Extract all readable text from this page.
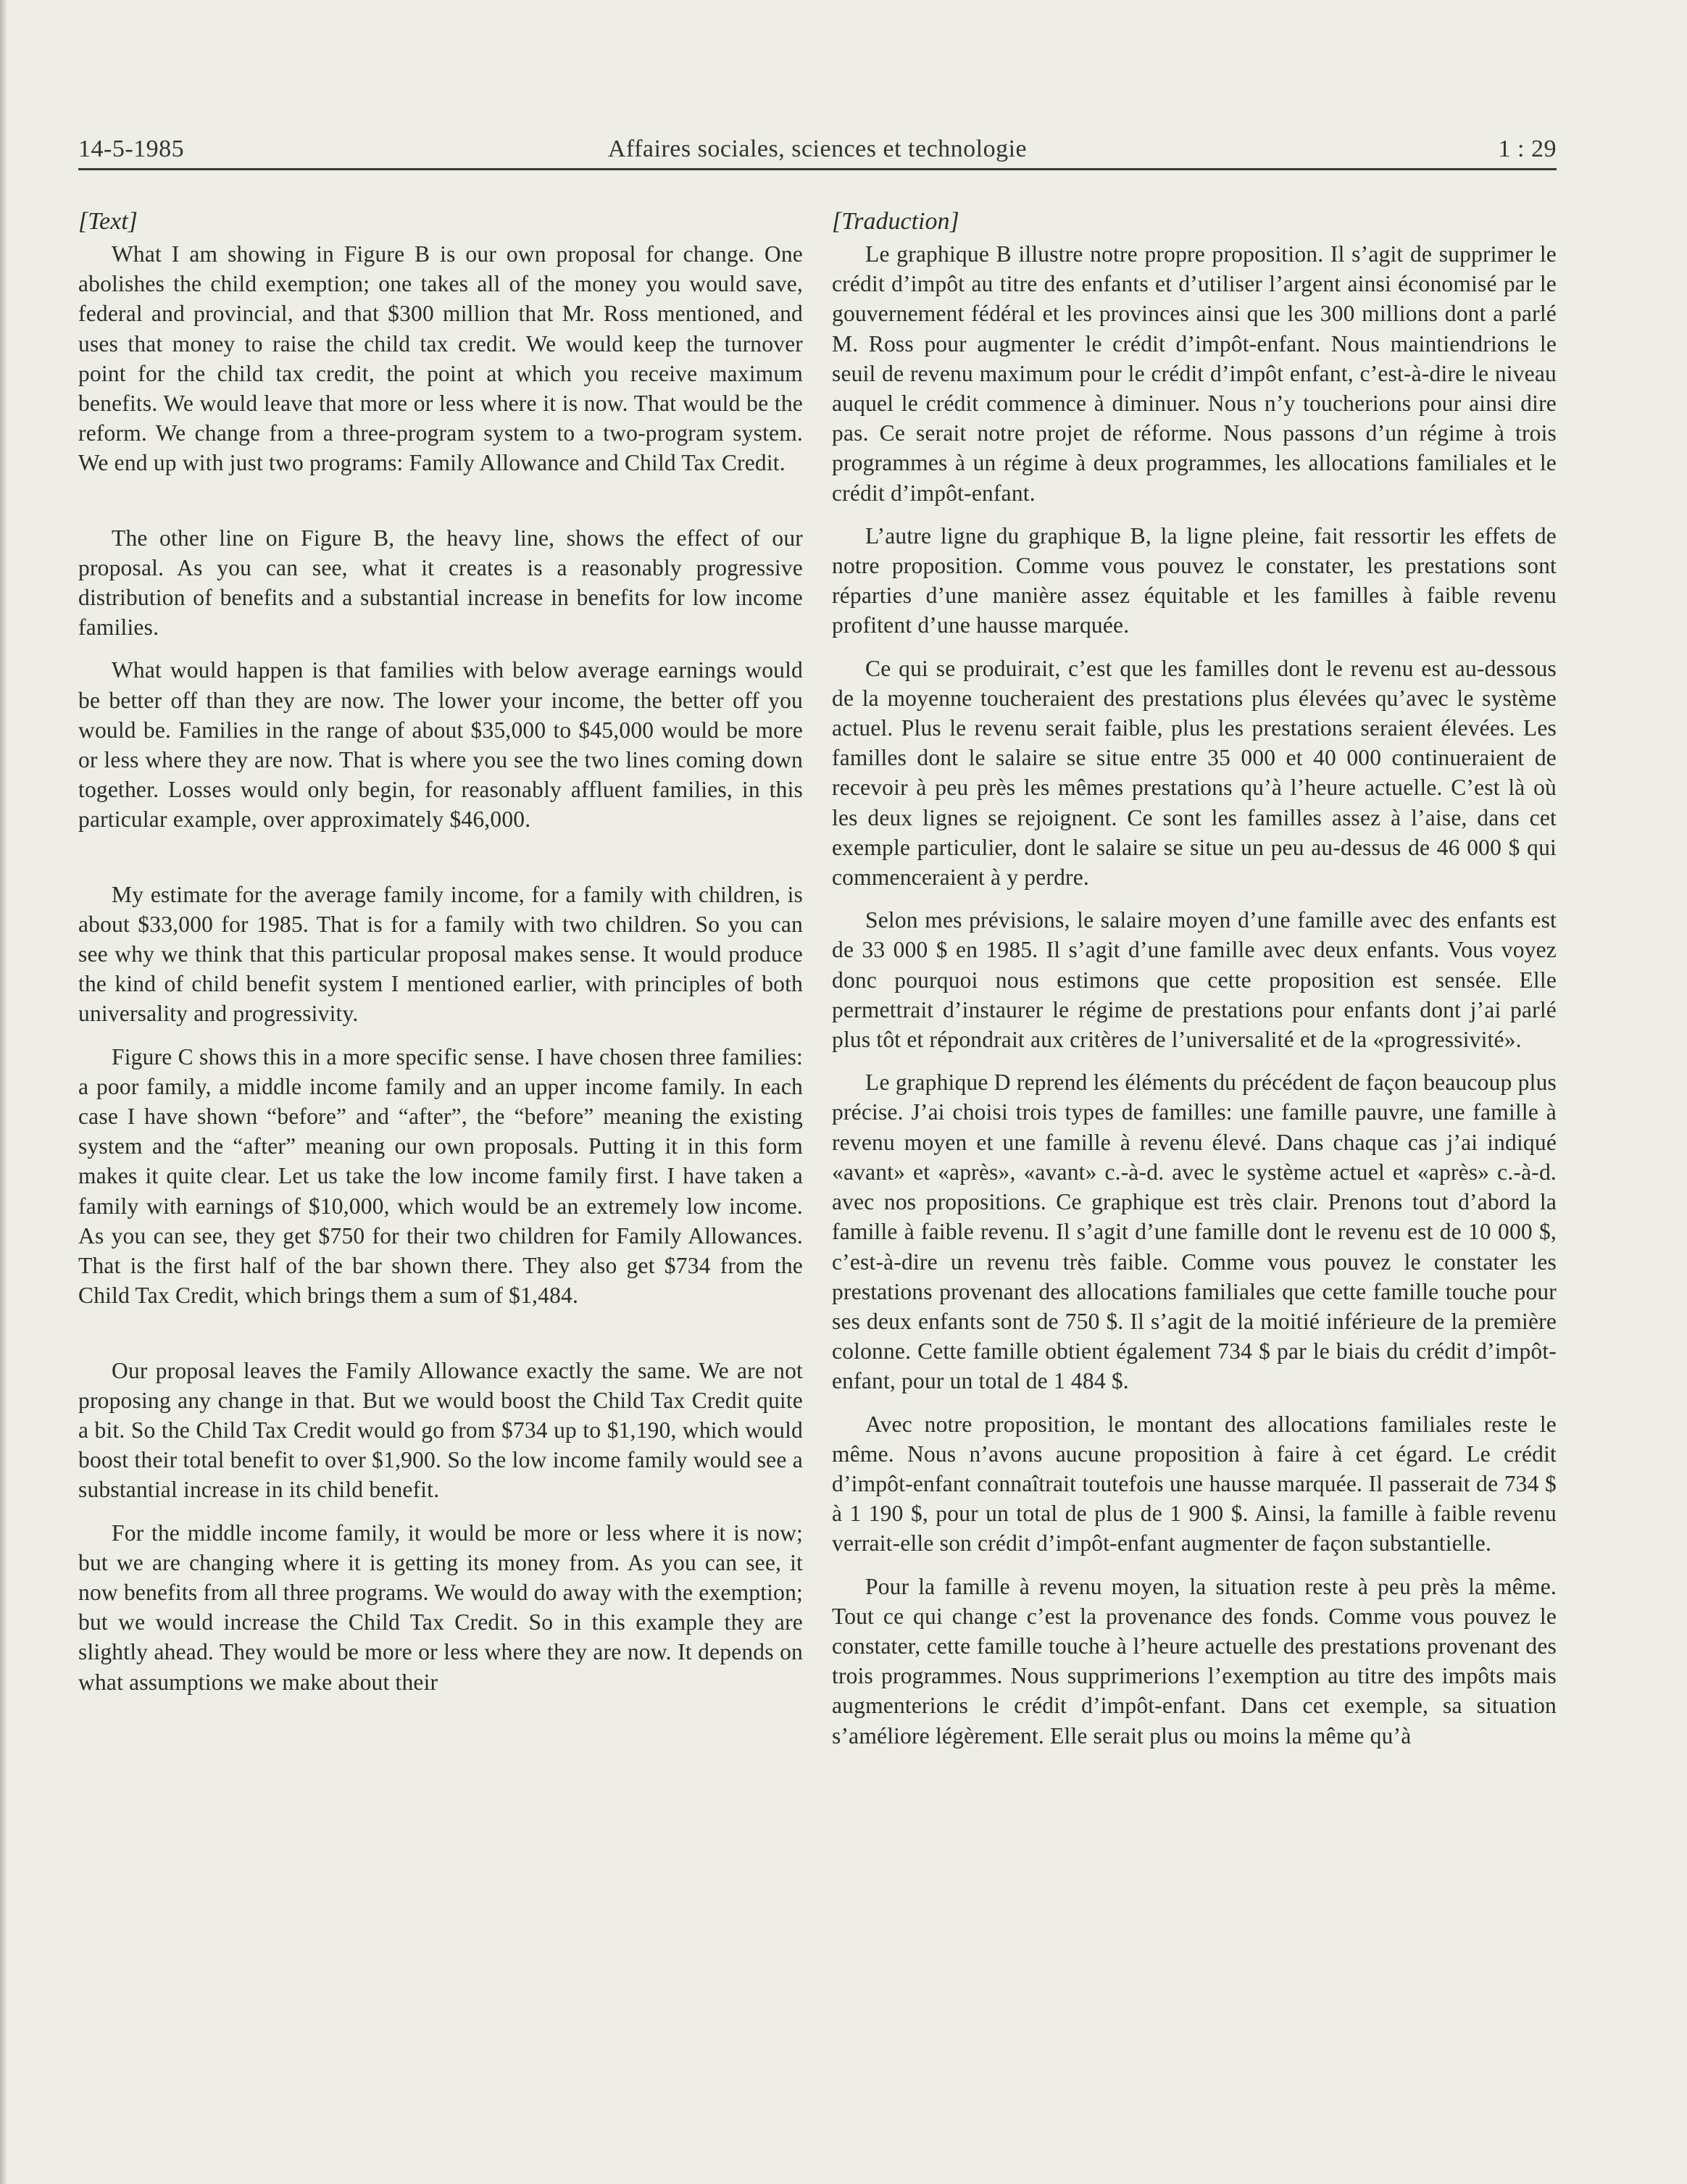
14-5-1985	Affaires sociales, sciences et technologie	1 : 29
[Text]

What I am showing in Figure B is our own proposal for change. One abolishes the child exemption; one takes all of the money you would save, federal and provincial, and that $300 million that Mr. Ross mentioned, and uses that money to raise the child tax credit. We would keep the turnover point for the child tax credit, the point at which you receive maximum benefits. We would leave that more or less where it is now. That would be the reform. We change from a three-program system to a two-program system. We end up with just two programs: Family Allowance and Child Tax Credit.

The other line on Figure B, the heavy line, shows the effect of our proposal. As you can see, what it creates is a reasonably progressive distribution of benefits and a substantial increase in benefits for low income families.

What would happen is that families with below average earnings would be better off than they are now. The lower your income, the better off you would be. Families in the range of about $35,000 to $45,000 would be more or less where they are now. That is where you see the two lines coming down together. Losses would only begin, for reasonably affluent families, in this particular example, over approximately $46,000.

My estimate for the average family income, for a family with children, is about $33,000 for 1985. That is for a family with two children. So you can see why we think that this particular proposal makes sense. It would produce the kind of child benefit system I mentioned earlier, with principles of both universality and progressivity.

Figure C shows this in a more specific sense. I have chosen three families: a poor family, a middle income family and an upper income family. In each case I have shown “before” and “after”, the “before” meaning the existing system and the “after” meaning our own proposals. Putting it in this form makes it quite clear. Let us take the low income family first. I have taken a family with earnings of $10,000, which would be an extremely low income. As you can see, they get $750 for their two children for Family Allowances. That is the first half of the bar shown there. They also get $734 from the Child Tax Credit, which brings them a sum of $1,484.

Our proposal leaves the Family Allowance exactly the same. We are not proposing any change in that. But we would boost the Child Tax Credit quite a bit. So the Child Tax Credit would go from $734 up to $1,190, which would boost their total benefit to over $1,900. So the low income family would see a substantial increase in its child benefit.

For the middle income family, it would be more or less where it is now; but we are changing where it is getting its money from. As you can see, it now benefits from all three programs. We would do away with the exemption; but we would increase the Child Tax Credit. So in this example they are slightly ahead. They would be more or less where they are now. It depends on what assumptions we make about their

[Traduction]

Le graphique B illustre notre propre proposition. Il s’agit de supprimer le crédit d’impôt au titre des enfants et d’utiliser l’argent ainsi économisé par le gouvernement fédéral et les provinces ainsi que les 300 millions dont a parlé M. Ross pour augmenter le crédit d’impôt-enfant. Nous maintiendrions le seuil de revenu maximum pour le crédit d’impôt enfant, c’est-à-dire le niveau auquel le crédit commence à diminuer. Nous n’y toucherions pour ainsi dire pas. Ce serait notre projet de réforme. Nous passons d’un régime à trois programmes à un régime à deux programmes, les allocations familiales et le crédit d’impôt-enfant.

L’autre ligne du graphique B, la ligne pleine, fait ressortir les effets de notre proposition. Comme vous pouvez le constater, les prestations sont réparties d’une manière assez équitable et les familles à faible revenu profitent d’une hausse marquée.

Ce qui se produirait, c’est que les familles dont le revenu est au-dessous de la moyenne toucheraient des prestations plus élevées qu’avec le système actuel. Plus le revenu serait faible, plus les prestations seraient élevées. Les familles dont le salaire se situe entre 35 000 et 40 000 continueraient de recevoir à peu près les mêmes prestations qu’à l’heure actuelle. C’est là où les deux lignes se rejoignent. Ce sont les familles assez à l’aise, dans cet exemple particulier, dont le salaire se situe un peu au-dessus de 46 000 $ qui commenceraient à y perdre.

Selon mes prévisions, le salaire moyen d’une famille avec des enfants est de 33 000 $ en 1985. Il s’agit d’une famille avec deux enfants. Vous voyez donc pourquoi nous estimons que cette proposition est sensée. Elle permettrait d’instaurer le régime de prestations pour enfants dont j’ai parlé plus tôt et répondrait aux critères de l’universalité et de la «progressivité».

Le graphique D reprend les éléments du précédent de façon beaucoup plus précise. J’ai choisi trois types de familles: une famille pauvre, une famille à revenu moyen et une famille à revenu élevé. Dans chaque cas j’ai indiqué «avant» et «après», «avant» c.-à-d. avec le système actuel et «après» c.-à-d. avec nos propositions. Ce graphique est très clair. Prenons tout d’abord la famille à faible revenu. Il s’agit d’une famille dont le revenu est de 10 000 $, c’est-à-dire un revenu très faible. Comme vous pouvez le constater les prestations provenant des allocations familiales que cette famille touche pour ses deux enfants sont de 750 $. Il s’agit de la moitié inférieure de la première colonne. Cette famille obtient également 734 $ par le biais du crédit d’impôt-enfant, pour un total de 1 484 $.

Avec notre proposition, le montant des allocations familiales reste le même. Nous n’avons aucune proposition à faire à cet égard. Le crédit d’impôt-enfant connaîtrait toutefois une hausse marquée. Il passerait de 734 $ à 1 190 $, pour un total de plus de 1 900 $. Ainsi, la famille à faible revenu verrait-elle son crédit d’impôt-enfant augmenter de façon substantielle.

Pour la famille à revenu moyen, la situation reste à peu près la même. Tout ce qui change c’est la provenance des fonds. Comme vous pouvez le constater, cette famille touche à l’heure actuelle des prestations provenant des trois programmes. Nous supprimerions l’exemption au titre des impôts mais augmenterions le crédit d’impôt-enfant. Dans cet exemple, sa situation s’améliore légèrement. Elle serait plus ou moins la même qu’à
